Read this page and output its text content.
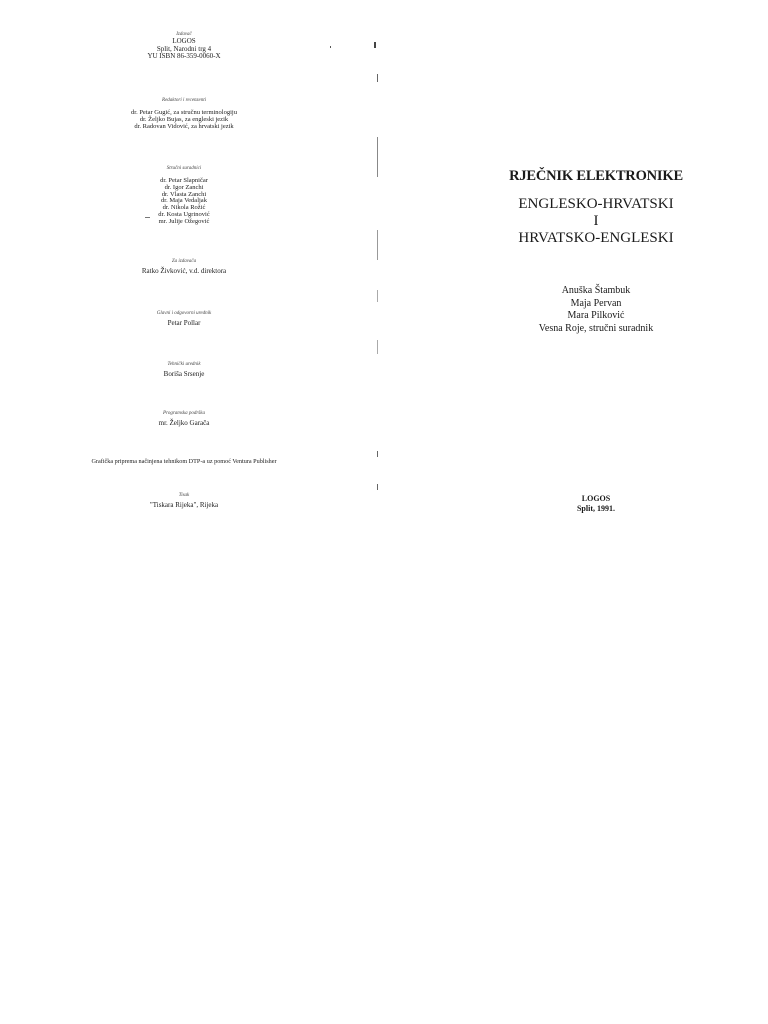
Izdavač
LOGOS
Split, Narodni trg 4
YU ISBN 86-359-0060-X
Redaktori i recenzenti
dr. Petar Gugić, za stručnu terminologiju
dr. Željko Bujas, za engleski jezik
dr. Radovan Vidović, za hrvatski jezik
Stručni suradnici
dr. Petar Slapničar
dr. Igor Zanchi
dr. Vlasta Zanchi
dr. Maja Vedaljak
dr. Nikola Rožić
dr. Kosta Ugrinović
mr. Julije Ožegović
Za izdavača
Ratko Živković, v.d. direktora
Glavni i odgovorni urednik
Petar Pollar
Tehnički urednik
Boriša Srsenje
Programska podrška
mr. Željko Garača
Grafička priprema načinjena tehnikom DTP-a uz pomoć Ventura Publisher
Tisak
"Tiskara Rijeka", Rijeka
RJEČNIK ELEKTRONIKE
ENGLESKO-HRVATSKI
I
HRVATSKO-ENGLESKI
Anuška Štambuk
Maja Pervan
Mara Pilković
Vesna Roje, stručni suradnik
LOGOS
Split, 1991.
